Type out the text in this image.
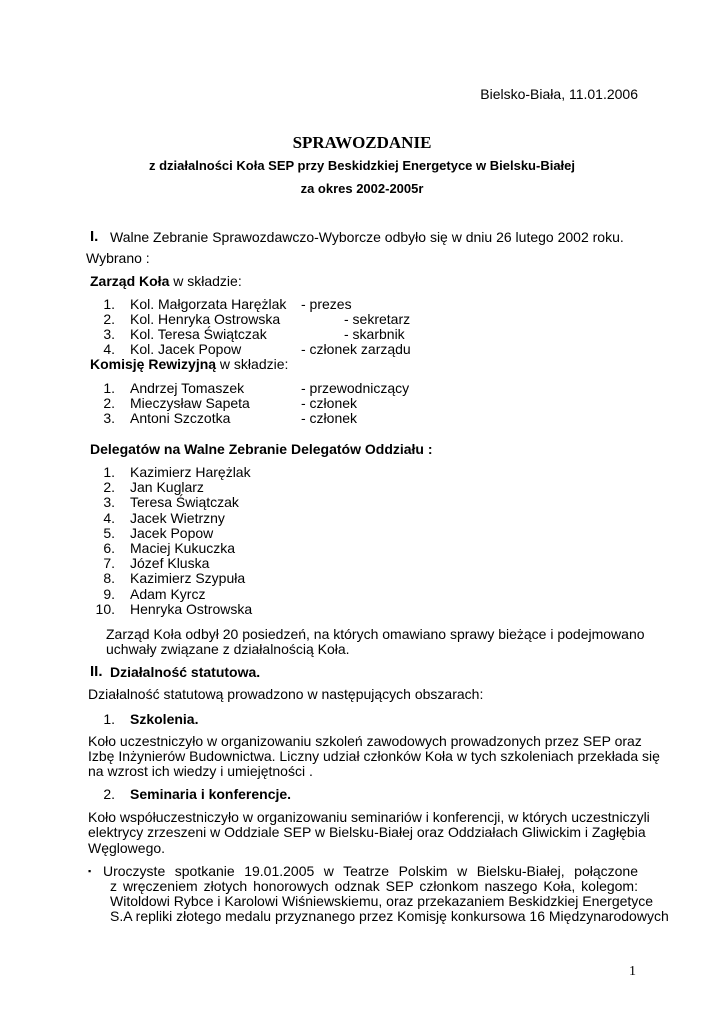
Bielsko-Biała, 11.01.2006
SPRAWOZDANIE
z działalności Koła SEP przy Beskidzkiej Energetyce w Bielsku-Białej
za okres 2002-2005r
I. Walne Zebranie Sprawozdawczo-Wyborcze odbyło się w dniu 26 lutego 2002 roku.
Wybrano :
Zarząd Koła w składzie:
1. Kol. Małgorzata Harężlak - prezes
2. Kol. Henryka Ostrowska	- sekretarz
3. Kol. Teresa Świątczak	- skarbnik
4. Kol. Jacek Popow	- członek zarządu
Komisję Rewizyjną w składzie:
1. Andrzej Tomaszek	- przewodniczący
2. Mieczysław Sapeta	- członek
3. Antoni Szczotka	- członek
Delegatów na Walne Zebranie Delegatów Oddziału :
1. Kazimierz Harężlak
2. Jan Kuglarz
3. Teresa Świątczak
4. Jacek Wietrzny
5. Jacek Popow
6. Maciej Kukuczka
7. Józef Kluska
8. Kazimierz Szypuła
9. Adam Kyrcz
10. Henryka Ostrowska
Zarząd Koła odbył 20 posiedzeń, na których omawiano sprawy bieżące i podejmowano
uchwały związane z działalnością Koła.
II. Działalność statutowa.
Działalność statutową prowadzono w następujących obszarach:
1. Szkolenia.
Koło uczestniczyło w organizowaniu szkoleń zawodowych prowadzonych przez SEP oraz
Izbę Inżynierów Budownictwa. Liczny udział członków Koła w tych szkoleniach przekłada się
na wzrost ich wiedzy i umiejętności .
2. Seminaria i konferencje.
Koło współuczestniczyło w organizowaniu seminariów i konferencji, w których uczestniczyli
elektrycy zrzeszeni w Oddziale SEP w Bielsku-Białej oraz Oddziałach Gliwickim i Zagłębia
Węglowego.
▪ Uroczyste spotkanie 19.01.2005 w Teatrze Polskim w Bielsku-Białej, połączone
z wręczeniem złotych honorowych odznak SEP członkom naszego Koła, kolegom:
Witoldowi Rybce i Karolowi Wiśniewskiemu, oraz przekazaniem Beskidzkiej Energetyce
S.A repliki złotego medalu przyznanego przez Komisję konkursowa 16 Międzynarodowych
1
